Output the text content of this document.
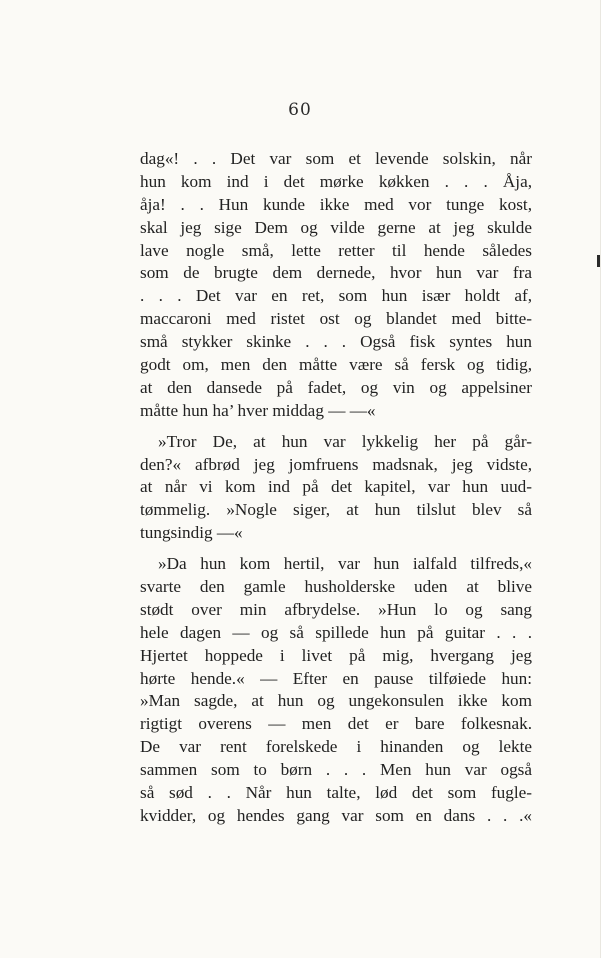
60
dag«! . . Det var som et levende solskin, når
hun kom ind i det mørke køkken . . . Åja,
åja! . . Hun kunde ikke med vor tunge kost,
skal jeg sige Dem og vilde gerne at jeg skulde
lave nogle små, lette retter til hende således
som de brugte dem dernede, hvor hun var fra
. . . Det var en ret, som hun især holdt af,
maccaroni med ristet ost og blandet med bitte-
små stykker skinke . . . Også fisk syntes hun
godt om, men den måtte være så fersk og tidig,
at den dansede på fadet, og vin og appelsiner
måtte hun ha’ hver middag — —«
»Tror De, at hun var lykkelig her på går-
den?« afbrød jeg jomfruens madsnak, jeg vidste,
at når vi kom ind på det kapitel, var hun uud-
tømmelig. »Nogle siger, at hun tilslut blev så
tungsindig —«
»Da hun kom hertil, var hun ialfald tilfreds,«
svarte den gamle husholderske uden at blive
stødt over min afbrydelse. »Hun lo og sang
hele dagen — og så spillede hun på guitar . . .
Hjertet hoppede i livet på mig, hvergang jeg
hørte hende.« — Efter en pause tilføiede hun:
»Man sagde, at hun og ungekonsulen ikke kom
rigtigt overens — men det er bare folkesnak.
De var rent forelskede i hinanden og lekte
sammen som to børn . . . Men hun var også
så sød . . Når hun talte, lød det som fugle-
kvidder, og hendes gang var som en dans . . .«
